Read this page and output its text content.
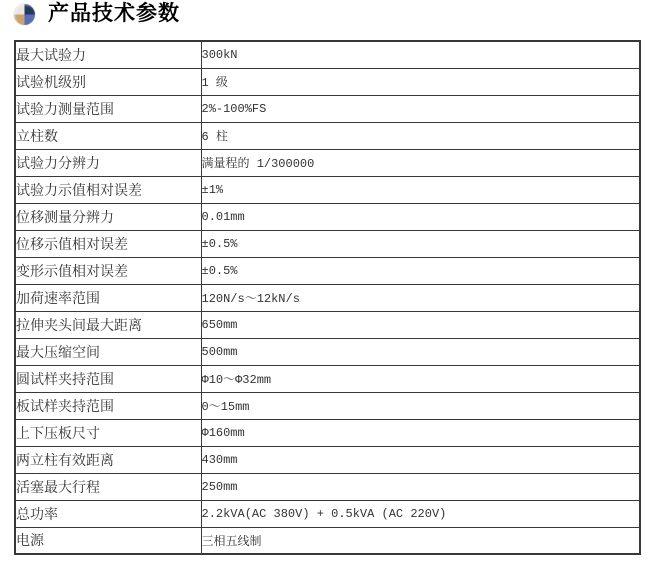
产品技术参数
最大试验力	300kN
试验机级别	1 级
试验力测量范围	2%-100%FS
立柱数	6 柱
试验力分辨力	满量程的 1/300000
试验力示值相对误差	±1%
位移测量分辨力	0.01mm
位移示值相对误差	±0.5%
变形示值相对误差	±0.5%
加荷速率范围	120N/s～12kN/s
拉伸夹头间最大距离	650mm
最大压缩空间	500mm
圆试样夹持范围	Φ10～Φ32mm
板试样夹持范围	0～15mm
上下压板尺寸	Φ160mm
两立柱有效距离	430mm
活塞最大行程	250mm
总功率	2.2kVA(AC 380V) + 0.5kVA (AC 220V)
电源	三相五线制
